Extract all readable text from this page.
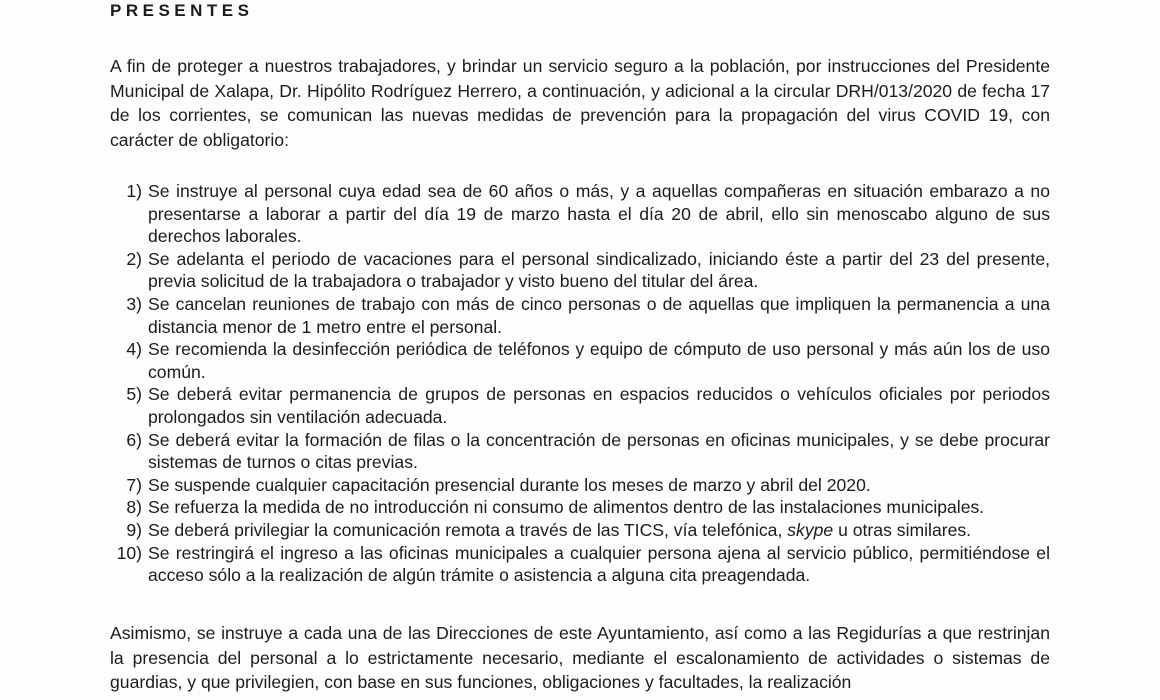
PRESENTES

A fin de proteger a nuestros trabajadores, y brindar un servicio seguro a la población, por instrucciones del Presidente Municipal de Xalapa, Dr. Hipólito Rodríguez Herrero, a continuación, y adicional a la circular DRH/013/2020 de fecha 17 de los corrientes, se comunican las nuevas medidas de prevención para la propagación del virus COVID 19, con carácter de obligatorio:

1) Se instruye al personal cuya edad sea de 60 años o más, y a aquellas compañeras en situación embarazo a no presentarse a laborar a partir del día 19 de marzo hasta el día 20 de abril, ello sin menoscabo alguno de sus derechos laborales.
2) Se adelanta el periodo de vacaciones para el personal sindicalizado, iniciando éste a partir del 23 del presente, previa solicitud de la trabajadora o trabajador y visto bueno del titular del área.
3) Se cancelan reuniones de trabajo con más de cinco personas o de aquellas que impliquen la permanencia a una distancia menor de 1 metro entre el personal.
4) Se recomienda la desinfección periódica de teléfonos y equipo de cómputo de uso personal y más aún los de uso común.
5) Se deberá evitar permanencia de grupos de personas en espacios reducidos o vehículos oficiales por periodos prolongados sin ventilación adecuada.
6) Se deberá evitar la formación de filas o la concentración de personas en oficinas municipales, y se debe procurar sistemas de turnos o citas previas.
7) Se suspende cualquier capacitación presencial durante los meses de marzo y abril del 2020.
8) Se refuerza la medida de no introducción ni consumo de alimentos dentro de las instalaciones municipales.
9) Se deberá privilegiar la comunicación remota a través de las TICS, vía telefónica, skype u otras similares.
10) Se restringirá el ingreso a las oficinas municipales a cualquier persona ajena al servicio público, permitiéndose el acceso sólo a la realización de algún trámite o asistencia a alguna cita preagendada.

Asimismo, se instruye a cada una de las Direcciones de este Ayuntamiento, así como a las Regidurías a que restrinjan la presencia del personal a lo estrictamente necesario, mediante el escalonamiento de actividades o sistemas de guardias, y que privilegien, con base en sus funciones, obligaciones y facultades, la realización
